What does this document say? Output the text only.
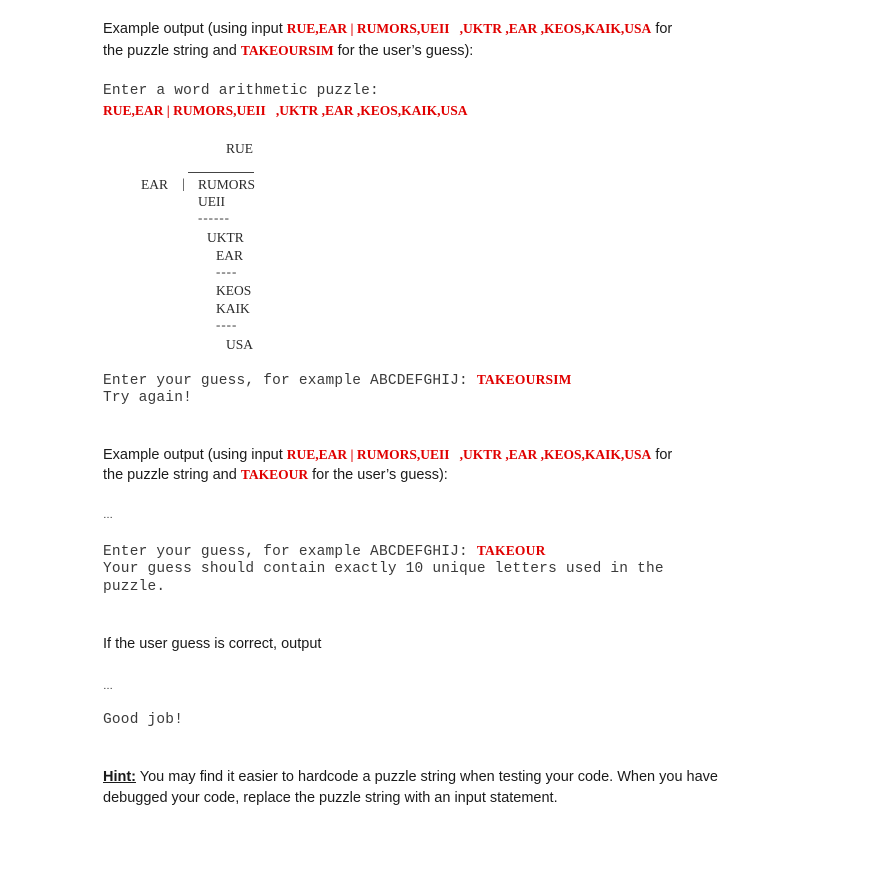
Example output (using input RUE,EAR | RUMORS,UEII   ,UKTR ,EAR ,KEOS,KAIK,USA for
the puzzle string and TAKEOURSIM for the user’s guess):
Enter a word arithmetic puzzle:
RUE,EAR | RUMORS,UEII   ,UKTR ,EAR ,KEOS,KAIK,USA
RUE
EAR | RUMORS
UEII
------
UKTR
EAR
----
KEOS
KAIK
----
USA
Enter your guess, for example ABCDEFGHIJ: TAKEOURSIM
Try again!
Example output (using input RUE,EAR | RUMORS,UEII   ,UKTR ,EAR ,KEOS,KAIK,USA for
the puzzle string and TAKEOUR for the user’s guess):
…
Enter your guess, for example ABCDEFGHIJ: TAKEOUR
Your guess should contain exactly 10 unique letters used in the
puzzle.
If the user guess is correct, output
…
Good job!
Hint: You may find it easier to hardcode a puzzle string when testing your code. When you have
debugged your code, replace the puzzle string with an input statement.
